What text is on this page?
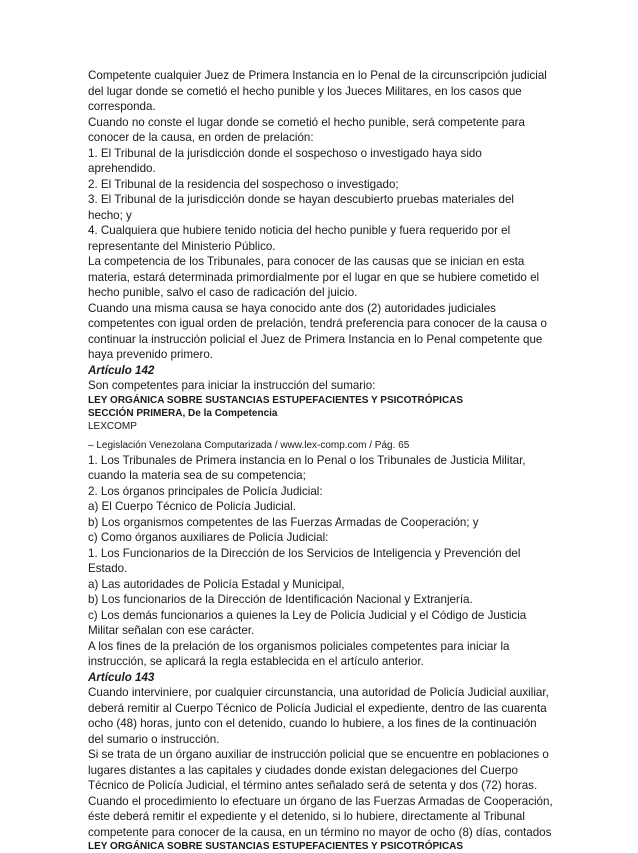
Competente cualquier Juez de Primera Instancia en lo Penal de la circunscripción judicial
del lugar donde se cometió el hecho punible y los Jueces Militares, en los casos que
corresponda.
Cuando no conste el lugar donde se cometió el hecho punible, será competente para
conocer de la causa, en orden de prelación:
1. El Tribunal de la jurisdicción donde el sospechoso o investigado haya sido
aprehendido.
2. El Tribunal de la residencia del sospechoso o investigado;
3. El Tribunal de la jurisdicción donde se hayan descubierto pruebas materiales del
hecho; y
4. Cualquiera que hubiere tenido noticia del hecho punible y fuera requerido por el
representante del Ministerio Público.
La competencia de los Tribunales, para conocer de las causas que se inician en esta
materia, estará determinada primordialmente por el lugar en que se hubiere cometido el
hecho punible, salvo el caso de radicación del juicio.
Cuando una misma causa se haya conocido ante dos (2) autoridades judiciales
competentes con igual orden de prelación, tendrá preferencia para conocer de la causa o
continuar la instrucción policial el Juez de Primera Instancia en lo Penal competente que
haya prevenido primero.
Artículo 142
Son competentes para iniciar la instrucción del sumario:
LEY ORGÁNICA SOBRE SUSTANCIAS ESTUPEFACIENTES Y PSICOTRÓPICAS
SECCIÓN PRIMERA, De la Competencia
LEXCOMP
_
– Legislación Venezolana Computarizada / www.lex-comp.com / Pág. 65
1. Los Tribunales de Primera instancia en lo Penal o los Tribunales de Justicia Militar,
cuando la materia sea de su competencia;
2. Los órganos principales de Policía Judicial:
a) El Cuerpo Técnico de Policía Judicial.
b) Los organismos competentes de las Fuerzas Armadas de Cooperación; y
c) Como órganos auxiliares de Policía Judicial:
1. Los Funcionarios de la Dirección de los Servicios de Inteligencia y Prevención del
Estado.
a) Las autoridades de Policía Estadal y Municipal,
b) Los funcionarios de la Dirección de Identificación Nacional y Extranjería.
c) Los demás funcionarios a quienes la Ley de Policía Judicial y el Código de Justicia
Militar señalan con ese carácter.
A los fines de la prelación de los organismos policiales competentes para iniciar la
instrucción, se aplicará la regla establecida en el artículo anterior.
Artículo 143
Cuando interviniere, por cualquier circunstancia, una autoridad de Policía Judicial auxiliar,
deberá remitir al Cuerpo Técnico de Policía Judicial el expediente, dentro de las cuarenta
ocho (48) horas, junto con el detenido, cuando lo hubiere, a los fines de la continuación
del sumario o instrucción.
Si se trata de un órgano auxiliar de instrucción policial que se encuentre en poblaciones o
lugares distantes a las capitales y ciudades donde existan delegaciones del Cuerpo
Técnico de Policía Judicial, el término antes señalado será de setenta y dos (72) horas.
Cuando el procedimiento lo efectuare un órgano de las Fuerzas Armadas de Cooperación,
éste deberá remitir el expediente y el detenido, si lo hubiere, directamente al Tribunal
competente para conocer de la causa, en un término no mayor de ocho (8) días, contados
LEY ORGÁNICA SOBRE SUSTANCIAS ESTUPEFACIENTES Y PSICOTRÓPICAS
